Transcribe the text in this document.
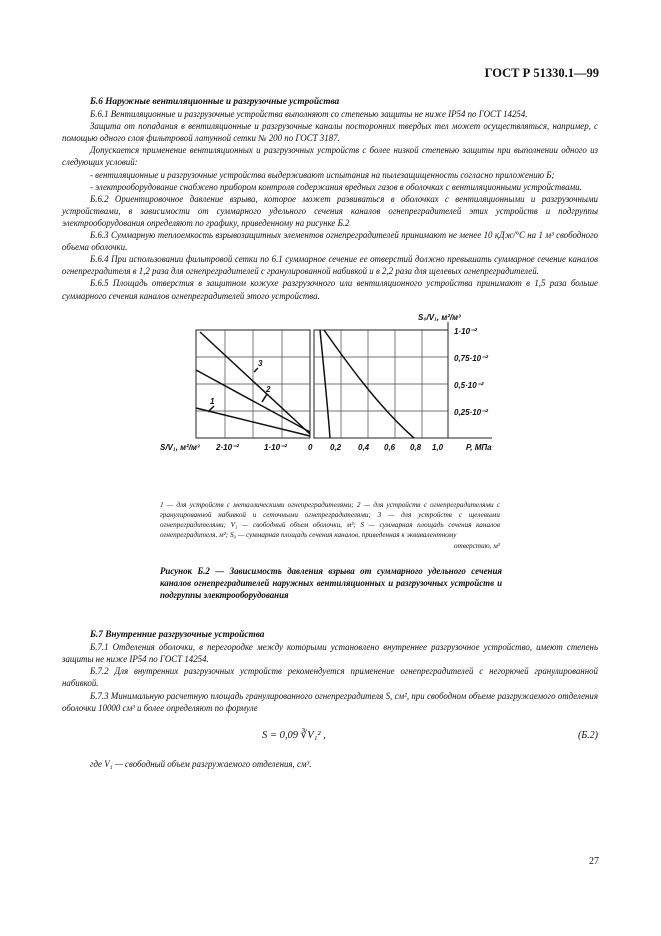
ГОСТ Р 51330.1—99

Б.6 Наружные вентиляционные и разгрузочные устройства

Б.6.1 Вентиляционные и разгрузочные устройства выполняют со степенью защиты не ниже IP54 по ГОСТ 14254.

Защита от попадания в вентиляционные и разгрузочные каналы посторонних твердых тел может осуществляться, например, с помощью одного слоя фильтровой латунной сетки № 200 по ГОСТ 3187.

Допускается применение вентиляционных и разгрузочных устройств с более низкой степенью защиты при выполнении одного из следующих условий:

- вентиляционные и разгрузочные устройства выдерживают испытания на пылезащищенность согласно приложению Б;

- электрооборудование снабжено прибором контроля содержания вредных газов в оболочках с вентиляционными устройствами.

Б.6.2 Ориентировочное давление взрыва, которое может развиваться в оболочках с вентиляционными и разгрузочными устройствами, в зависимости от суммарного удельного сечения каналов огнепреградителей этих устройств и подгруппы электрооборудования определяют по графику, приведенному на рисунке Б.2

Б.6.3 Суммарную теплоемкость взрывозащитных элементов огнепреградителей принимают не менее 10 кДж/°С на 1 м³ свободного объема оболочки.

Б.6.4 При использовании фильтровой сетки по 6.1 суммарное сечение ее отверстий должно превышать суммарное сечение каналов огнепреградителя в 1,2 раза для огнепреградителей с гранулированной набивкой и в 2,2 раза для щелевых огнепреградителей.

Б.6.5 Площадь отверстия в защитном кожухе разгрузочного или вентиляционного устройства принимают в 1,5 раза больше суммарного сечения каналов огнепреградителей этого устройства.

3
2
1
S₀/V₁, м²/м³
1·10⁻²
0,75·10⁻²
0,5·10⁻²
0,25·10⁻²
S/V₁, м²/м³ 2·10⁻²	1·10⁻²	0 0,2 0,4 0,6 0,8 1,0	P, МПа
1 — для устройств с металлическими огнепреградителями; 2 — для устройств с огнепреградителями с гранулированной набивкой и сеточными огнепреградителями; 3 — для устройств с щелевыми огнепреградителями; V₁ — свободный объем оболочки, м³; S — суммарная площадь сечения каналов огнепреградителя, м²; S₀ — суммарная площадь сечения каналов, приведенная к эквивалентному
отверстию, м²
Рисунок Б.2 — Зависимость давления взрыва от суммарного удельного сечения каналов огнепреградителей наружных вентиляционных и разгрузочных устройств и подгруппы электрооборудования

Б.7 Внутренние разгрузочные устройства

Б.7.1 Отделения оболочки, в перегородке между которыми установлено внутреннее разгрузочное устройство, имеют степень защиты не ниже IP54 по ГОСТ 14254.

Б.7.2 Для внутренних разгрузочных устройств рекомендуется применение огнепреградителей с негорючей гранулированной набивкой.

Б.7.3 Минимальную расчетную площадь гранулированного огнепреградителя S, см², при свободном объеме разгружаемого отделения оболочки 10000 см³ и более определяют по формуле

S = 0,09 ∛V₁² ,	(Б.2)

где V₁ — свободный объем разгружаемого отделения, см³.

27
